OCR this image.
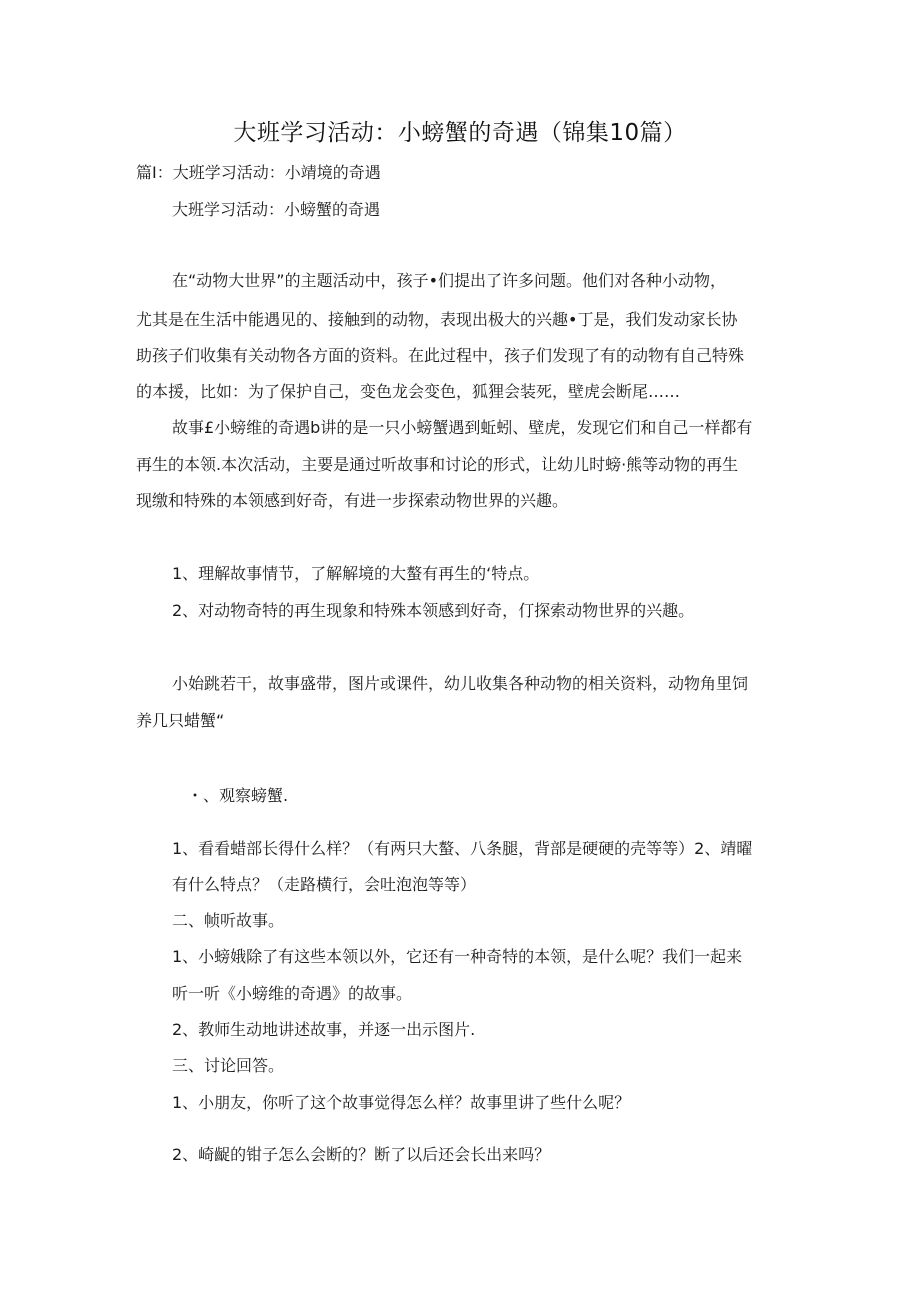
大班学习活动：小螃蟹的奇遇（锦集10篇）
篇I：大班学习活动：小靖境的奇遇
大班学习活动：小螃蟹的奇遇
在“动物大世界”的主题活动中，孩子•们提出了许多问题。他们对各种小动物，
尤其是在生活中能遇见的、接触到的动物，表现出极大的兴趣•丁是，我们发动家长协
助孩子们收集有关动物各方面的资料。在此过程中，孩子们发现了有的动物有自己特殊
的本援，比如：为了保护自己，变色龙会变色，狐狸会装死，壁虎会断尾……
故事£小螃维的奇遇b讲的是一只小螃蟹遇到蚯蚓、壁虎，发现它们和自己一样都有
再生的本领.本次活动，主要是通过听故事和讨论的形式，让幼儿时螃·熊等动物的再生
现缴和特殊的本领感到好奇，有进一步探索动物世界的兴趣。
1、理解故事情节，了解解境的大螯有再生的‘特点。
2、对动物奇特的再生现象和特殊本领感到好奇，仃探索动物世界的兴趣。
小始跳若干，故事盛带，图片或课件，幼儿收集各种动物的相关资料，动物角里饲
养几只蜡蟹“
・、观察螃蟹.
1、看看蜡部长得什么样？（有两只大螯、八条腿，背部是硬硬的壳等等）2、靖曜
有什么特点？（走路横行，会吐泡泡等等）
二、帧听故事。
1、小螃娥除了有这些本领以外，它还有一种奇特的本领，是什么呢？我们一起来
听一听《小螃维的奇遇》的故事。
2、教师生动地讲述故事，并逐一出示图片.
三、讨论回答。
1、小朋友，你听了这个故事觉得怎么样？故事里讲了些什么呢？
2、崎齪的钳子怎么会断的？断了以后还会长出来吗？
